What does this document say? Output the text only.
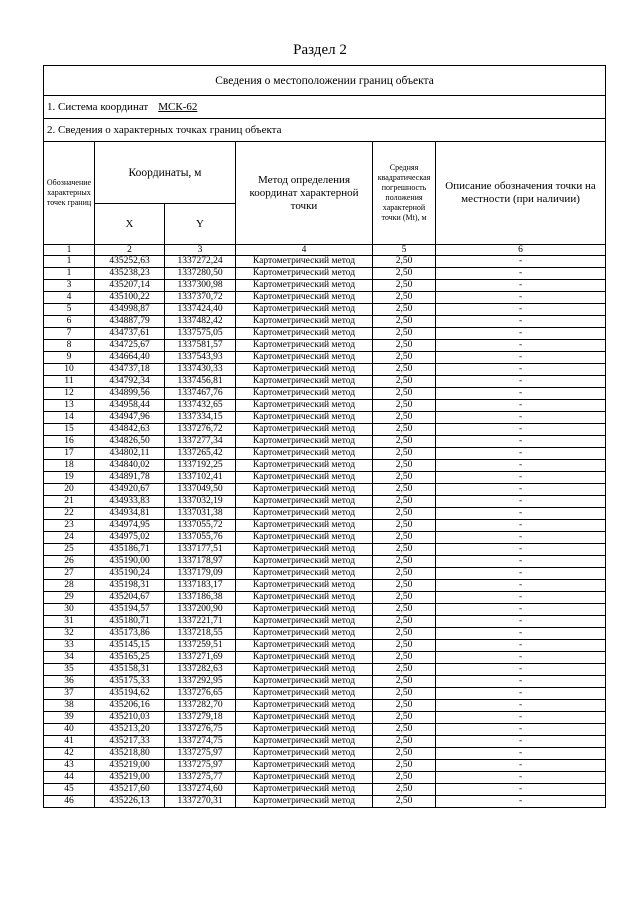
Раздел 2
Сведения о местоположении границ объекта					
1. Система координат МСК-62					
2. Сведения о характерных точках границ объекта					
Обозначение характерных точек границ	Координаты, м		Метод определения координат характерной точки	Средняя квадратическая погрешность положения характерной точки (Mt), м	Описание обозначения точки на местности (при наличии)
	X	Y			
1	2	3	4	5	6
1	435252,63	1337272,24	Картометрический метод	2,50	-
1	435238,23	1337280,50	Картометрический метод	2,50	-
3	435207,14	1337300,98	Картометрический метод	2,50	-
4	435100,22	1337370,72	Картометрический метод	2,50	-
5	434998,87	1337424,40	Картометрический метод	2,50	-
6	434887,79	1337482,42	Картометрический метод	2,50	-
7	434737,61	1337575,05	Картометрический метод	2,50	-
8	434725,67	1337581,57	Картометрический метод	2,50	-
9	434664,40	1337543,93	Картометрический метод	2,50	-
10	434737,18	1337430,33	Картометрический метод	2,50	-
11	434792,34	1337456,81	Картометрический метод	2,50	-
12	434899,56	1337467,76	Картометрический метод	2,50	-
13	434958,44	1337432,65	Картометрический метод	2,50	-
14	434947,96	1337334,15	Картометрический метод	2,50	-
15	434842,63	1337276,72	Картометрический метод	2,50	-
16	434826,50	1337277,34	Картометрический метод	2,50	-
17	434802,11	1337265,42	Картометрический метод	2,50	-
18	434840,02	1337192,25	Картометрический метод	2,50	-
19	434891,78	1337102,41	Картометрический метод	2,50	-
20	434920,67	1337049,50	Картометрический метод	2,50	-
21	434933,83	1337032,19	Картометрический метод	2,50	-
22	434934,81	1337031,38	Картометрический метод	2,50	-
23	434974,95	1337055,72	Картометрический метод	2,50	-
24	434975,02	1337055,76	Картометрический метод	2,50	-
25	435186,71	1337177,51	Картометрический метод	2,50	-
26	435190,00	1337178,97	Картометрический метод	2,50	-
27	435190,24	1337179,09	Картометрический метод	2,50	-
28	435198,31	1337183,17	Картометрический метод	2,50	-
29	435204,67	1337186,38	Картометрический метод	2,50	-
30	435194,57	1337200,90	Картометрический метод	2,50	-
31	435180,71	1337221,71	Картометрический метод	2,50	-
32	435173,86	1337218,55	Картометрический метод	2,50	-
33	435145,15	1337259,51	Картометрический метод	2,50	-
34	435165,25	1337271,69	Картометрический метод	2,50	-
35	435158,31	1337282,63	Картометрический метод	2,50	-
36	435175,33	1337292,95	Картометрический метод	2,50	-
37	435194,62	1337276,65	Картометрический метод	2,50	-
38	435206,16	1337282,70	Картометрический метод	2,50	-
39	435210,03	1337279,18	Картометрический метод	2,50	-
40	435213,20	1337276,75	Картометрический метод	2,50	-
41	435217,33	1337274,75	Картометрический метод	2,50	-
42	435218,80	1337275,97	Картометрический метод	2,50	-
43	435219,00	1337275,97	Картометрический метод	2,50	-
44	435219,00	1337275,77	Картометрический метод	2,50	-
45	435217,60	1337274,60	Картометрический метод	2,50	-
46	435226,13	1337270,31	Картометрический метод	2,50	-
